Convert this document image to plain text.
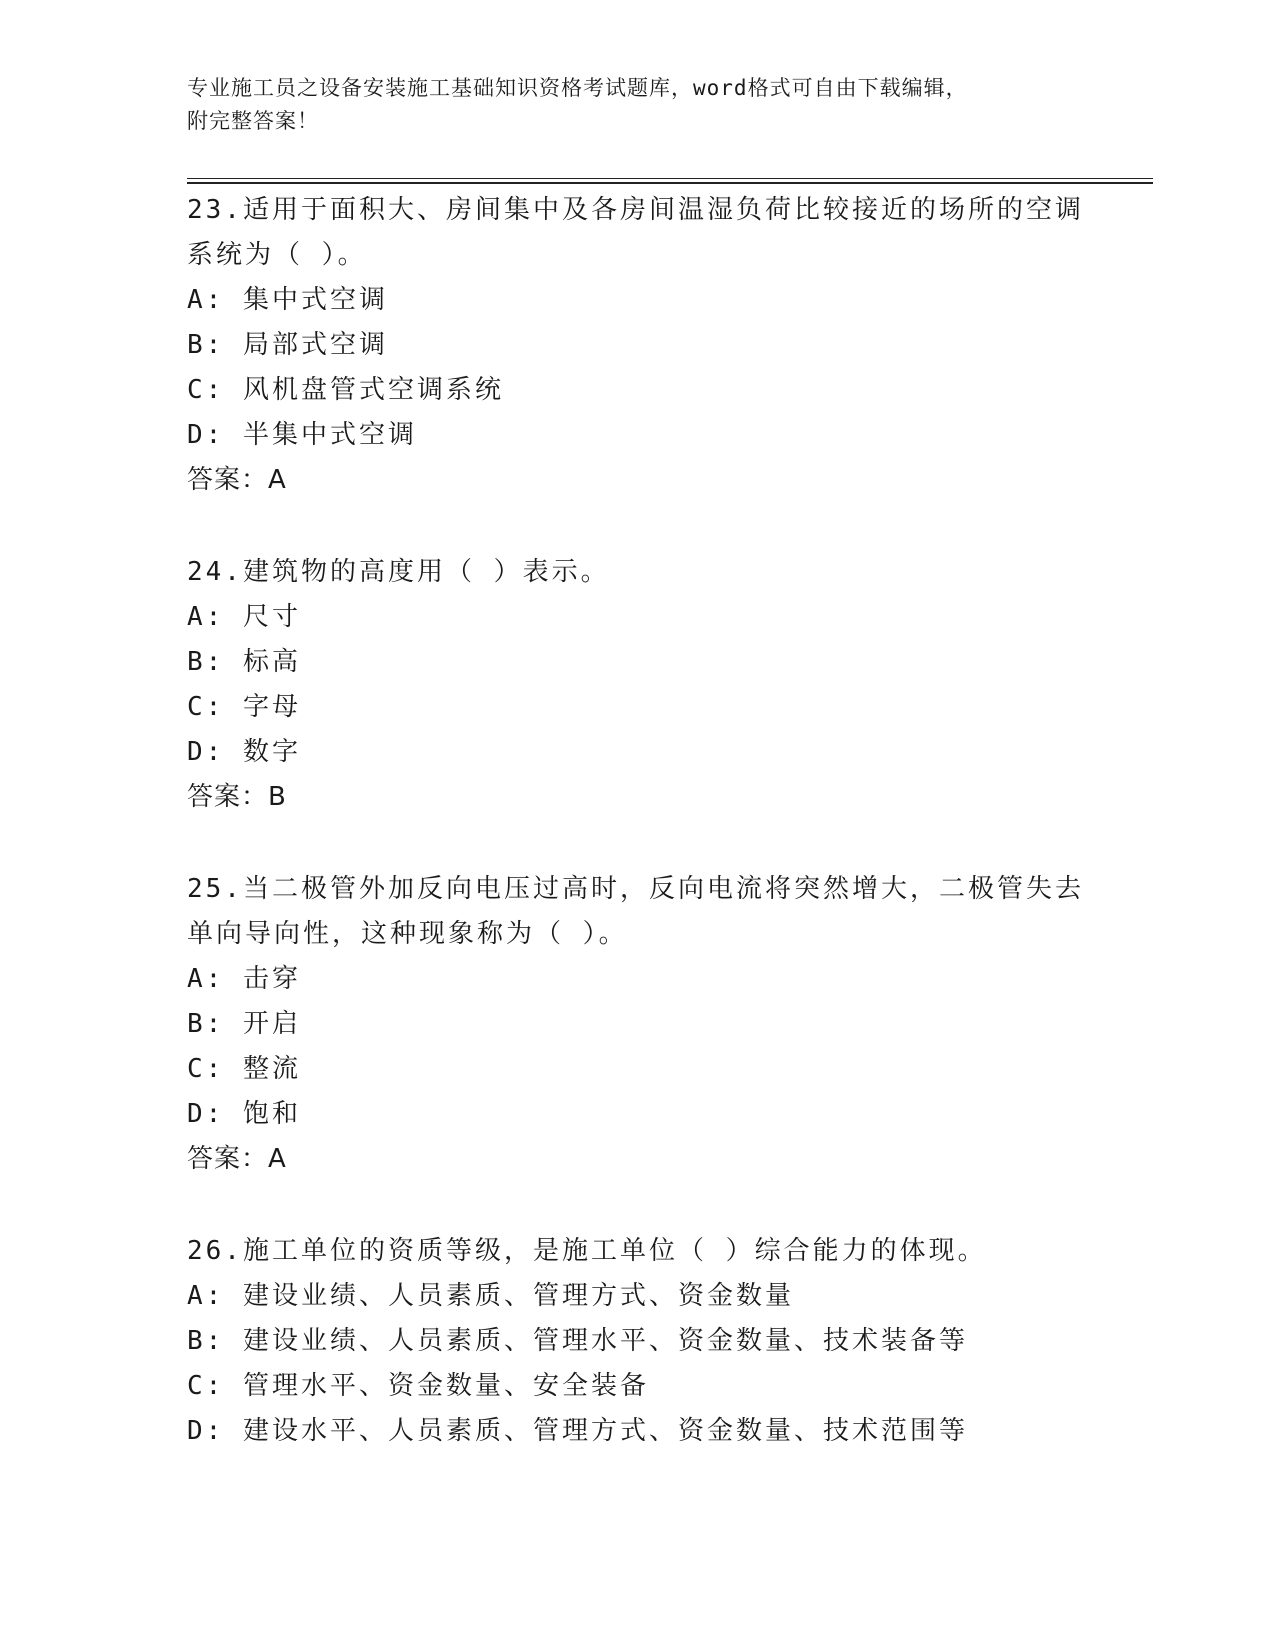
专业施工员之设备安装施工基础知识资格考试题库，word格式可自由下载编辑，
附完整答案！

23.适用于面积大、房间集中及各房间温湿负荷比较接近的场所的空调系统为（ ）。

A: 集中式空调

B: 局部式空调

C: 风机盘管式空调系统

D: 半集中式空调

答案：A

24.建筑物的高度用（ ）表示。

A: 尺寸

B: 标高

C: 字母

D: 数字

答案：B

25.当二极管外加反向电压过高时，反向电流将突然增大，二极管失去单向导向性，这种现象称为（ ）。

A: 击穿

B: 开启

C: 整流

D: 饱和

答案：A

26.施工单位的资质等级，是施工单位（ ）综合能力的体现。

A: 建设业绩、人员素质、管理方式、资金数量

B: 建设业绩、人员素质、管理水平、资金数量、技术装备等

C: 管理水平、资金数量、安全装备

D: 建设水平、人员素质、管理方式、资金数量、技术范围等
